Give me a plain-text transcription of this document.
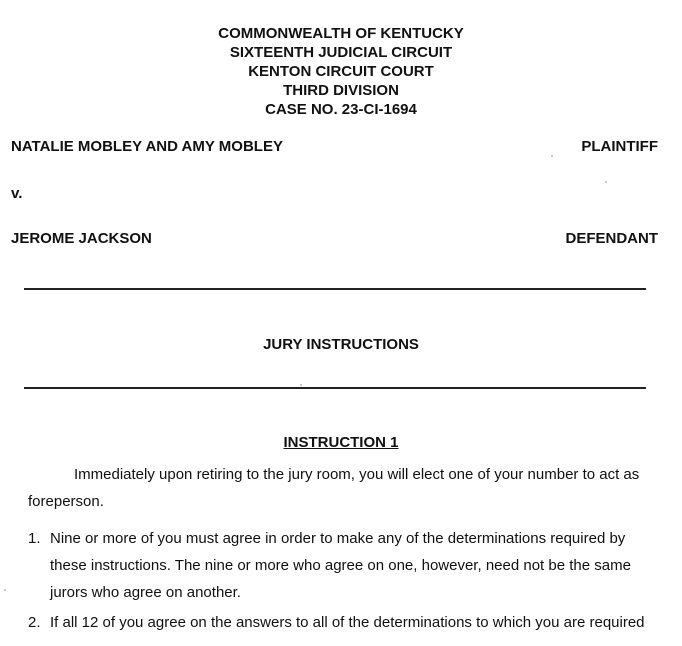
COMMONWEALTH OF KENTUCKY
SIXTEENTH JUDICIAL CIRCUIT
KENTON CIRCUIT COURT
THIRD DIVISION
CASE NO. 23-CI-1694
NATALIE MOBLEY AND AMY MOBLEY	PLAINTIFF
v.
JEROME JACKSON	DEFENDANT
JURY INSTRUCTIONS
INSTRUCTION 1
Immediately upon retiring to the jury room, you will elect one of your number to act as foreperson.
1. Nine or more of you must agree in order to make any of the determinations required by these instructions. The nine or more who agree on one, however, need not be the same jurors who agree on another.
2. If all 12 of you agree on the answers to all of the determinations to which you are required
